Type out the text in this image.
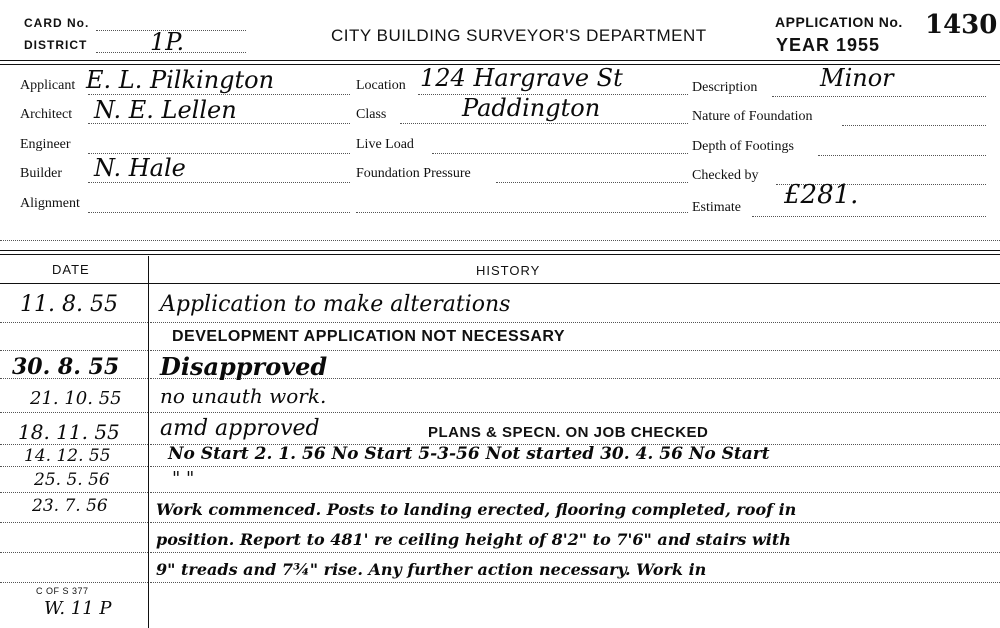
CARD No.
DISTRICT	1P.	CITY BUILDING SURVEYOR'S DEPARTMENT
APPLICATION No. 1430
YEAR 1955
Applicant E. L. Pilkington
Architect N. E. Lellen
Engineer
Builder N. Hale
Alignment
Location 124 Hargrave St
Class	Paddington
Live Load
Foundation Pressure
Description	Minor
Nature of Foundation
Depth of Footings
Checked by
Estimate £281.
DATE	HISTORY
11. 8. 55 Application to make alterations
DEVELOPMENT APPLICATION NOT NECESSARY
30. 8. 55 Disapproved
21. 10. 55 no unauth work.
18. 11. 55 amd approved	PLANS & SPECN. ON JOB CHECKED
14. 12. 55	No Start 2. 1. 56 No Start 5-3-56 Not started 30. 4. 56 No Start
25. 5. 56	" "
23. 7. 56	Work commenced. Posts to landing erected, flooring completed, roof in
position. Report to 481' re ceiling height of 8'2" to 7'6" and stairs with
9" treads and 7¾" rise. Any further action necessary. Work in
C OF S 377
W. 11 P
